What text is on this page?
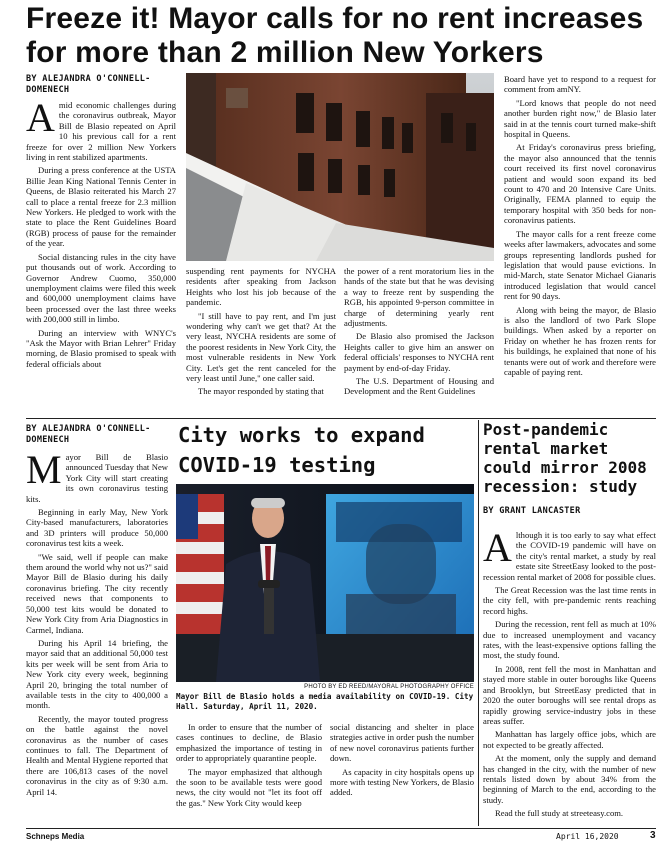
Freeze it! Mayor calls for no rent increases for more than 2 million New Yorkers
BY ALEJANDRA O'CONNELL-DOMENECH

Amid economic challenges during the coronavirus outbreak, Mayor Bill de Blasio repeated on April 10 his previous call for a rent freeze for over 2 million New Yorkers living in rent stabilized apartments.

During a press conference at the USTA Billie Jean King National Tennis Center in Queens, de Blasio reiterated his March 27 call to place a rental freeze for 2.3 million New Yorkers. He pledged to work with the state to place the Rent Guidelines Board (RGB) process of pause for the remainder of the year.

Social distancing rules in the city have put thousands out of work. According to Governor Andrew Cuomo, 350,000 unemployment claims were filed this week and 600,000 unemployment claims have been processed over the last three weeks with 200,000 still in limbo.

During an interview with WNYC's "Ask the Mayor with Brian Lehrer" Friday morning, de Blasio promised to speak with federal officials about

suspending rent payments for NYCHA residents after speaking from Jackson Heights who lost his job because of the pandemic.

"I still have to pay rent, and I'm just wondering why can't we get that? At the very least, NYCHA residents are some of the poorest residents in New York City, the most vulnerable residents in New York City. Let's get the rent canceled for the very least until June," one caller said.

The mayor responded by stating that

the power of a rent moratorium lies in the hands of the state but that he was devising a way to freeze rent by suspending the RGB, his appointed 9-person committee in charge of determining yearly rent adjustments.

De Blasio also promised the Jackson Heights caller to give him an answer on federal officials' responses to NYCHA rent payment by end-of-day Friday.

The U.S. Department of Housing and Development and the Rent Guidelines

Board have yet to respond to a request for comment from amNY.

"Lord knows that people do not need another burden right now," de Blasio later said in at the tennis court turned make-shift hospital in Queens.

At Friday's coronavirus press briefing, the mayor also announced that the tennis court received its first novel coronavirus patient and would soon expand its bed count to 470 and 20 Intensive Care Units. Originally, FEMA planned to equip the temporary hospital with 350 beds for non-coronavirus patients.

The mayor calls for a rent freeze come weeks after lawmakers, advocates and some groups representing landlords pushed for legislation that would pause evictions. In mid-March, state Senator Michael Gianaris introduced legislation that would cancel rent for 90 days.

Along with being the mayor, de Blasio is also the landlord of two Park Slope buildings. When asked by a reporter on Friday on whether he has frozen rents for his buildings, he explained that none of his tenants were out of work and therefore were capable of paying rent.

BY ALEJANDRA O'CONNELL-DOMENECH

Mayor Bill de Blasio announced Tuesday that New York City will start creating its own coronavirus testing kits.

Beginning in early May, New York City-based manufacturers, laboratories and 3D printers will produce 50,000 coronavirus test kits a week.

"We said, well if people can make them around the world why not us?" said Mayor Bill de Blasio during his daily coronavirus briefing. The city recently received news that components to 50,000 test kits would be donated to New York City from Aria Diagnostics in Carmel, Indiana.

During his April 14 briefing, the mayor said that an additional 50,000 test kits per week will be sent from Aria to New York city every week, beginning April 20, bringing the total number of available tests in the city to 400,000 a month.

Recently, the mayor touted progress on the battle against the novel coronavirus as the number of cases continues to fall. The Department of Health and Mental Hygiene reported that there are 106,813 cases of the novel coronavirus in the city as of 9:30 a.m. April 14.

City works to expand COVID-19 testing
PHOTO BY ED REED/MAYORAL PHOTOGRAPHY OFFICE
Mayor Bill de Blasio holds a media availability on COVID-19. City Hall. Saturday, April 11, 2020.

In order to ensure that the number of cases continues to decline, de Blasio emphasized the importance of testing in order to appropriately quarantine people.

The mayor emphasized that although the soon to be available tests were good news, the city would not "let its foot off the gas." New York City would keep

social distancing and shelter in place strategies active in order push the number of new novel coronavirus patients further down.

As capacity in city hospitals opens up more with testing New Yorkers, de Blasio added.

Post-pandemic rental market could mirror 2008 recession: study
BY GRANT LANCASTER

Although it is too early to say what effect the COVID-19 pandemic will have on the city's rental market, a study by real estate site StreetEasy looked to the post-recession rental market of 2008 for possible clues.

The Great Recession was the last time rents in the city fell, with pre-pandemic rents reaching record highs.

During the recession, rent fell as much at 10% due to increased unemployment and vacancy rates, with the least-expensive options falling the most, the study found.

In 2008, rent fell the most in Manhattan and stayed more stable in outer boroughs like Queens and Brooklyn, but StreetEasy predicted that in 2020 the outer boroughs will see rental drops as rapidly growing service-industry jobs in these areas suffer.

Manhattan has largely office jobs, which are not expected to be greatly affected.

At the moment, only the supply and demand has changed in the city, with the number of new rentals listed down by about 34% from the beginning of March to the end, according to the study.

Read the full study at streeteasy.com.

Schneps Media	April 16,2020	3
